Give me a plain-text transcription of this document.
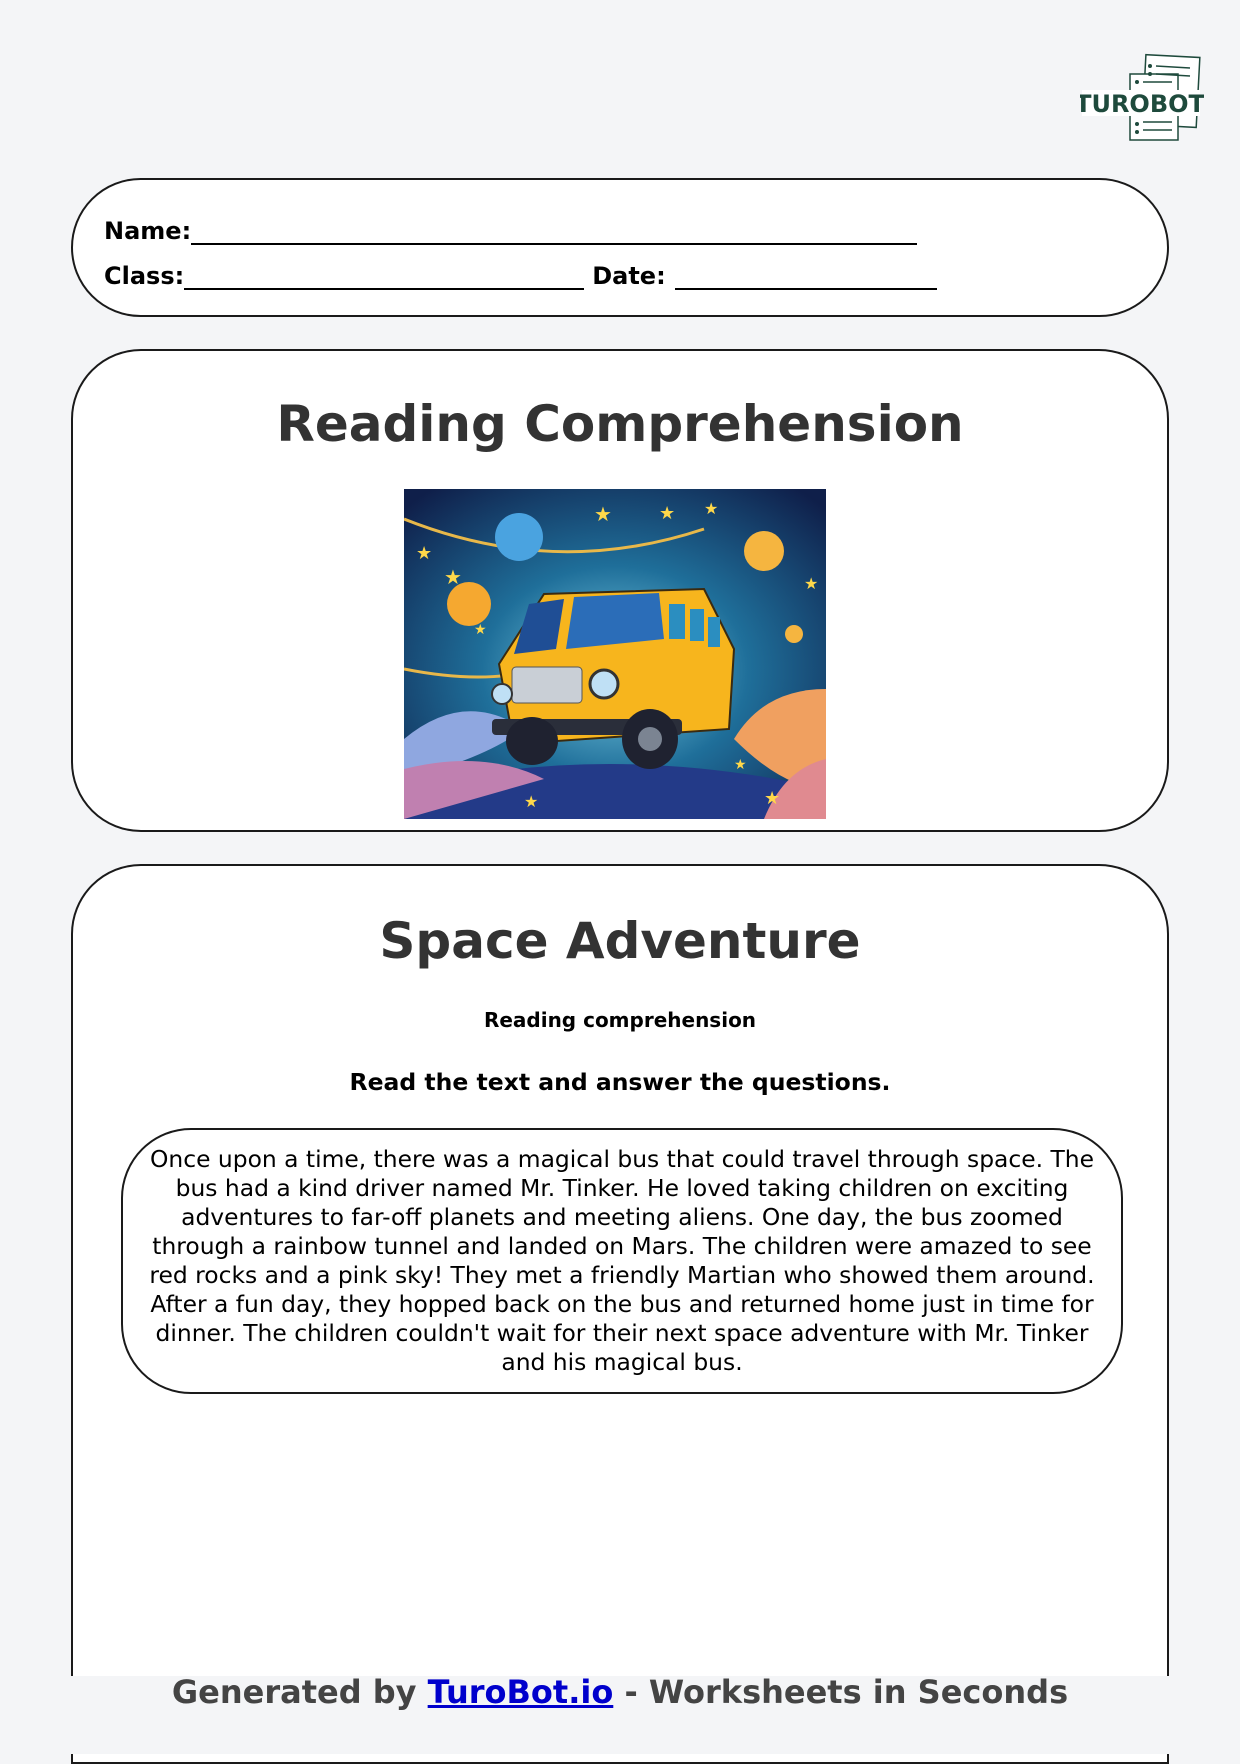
TUROBOT
Name:
Class:	Date:
Reading Comprehension
★	★
★
★
★
★
★
★
★
★
Space Adventure
Reading comprehension
Read the text and answer the questions.

Once upon a time, there was a magical bus that could travel through space. The bus had a kind driver named Mr. Tinker. He loved taking children on exciting adventures to far-off planets and meeting aliens. One day, the bus zoomed through a rainbow tunnel and landed on Mars. The children were amazed to see red rocks and a pink sky! They met a friendly Martian who showed them around. After a fun day, they hopped back on the bus and returned home just in time for dinner. The children couldn't wait for their next space adventure with Mr. Tinker and his magical bus.

Generated by TuroBot.io - Worksheets in Seconds
